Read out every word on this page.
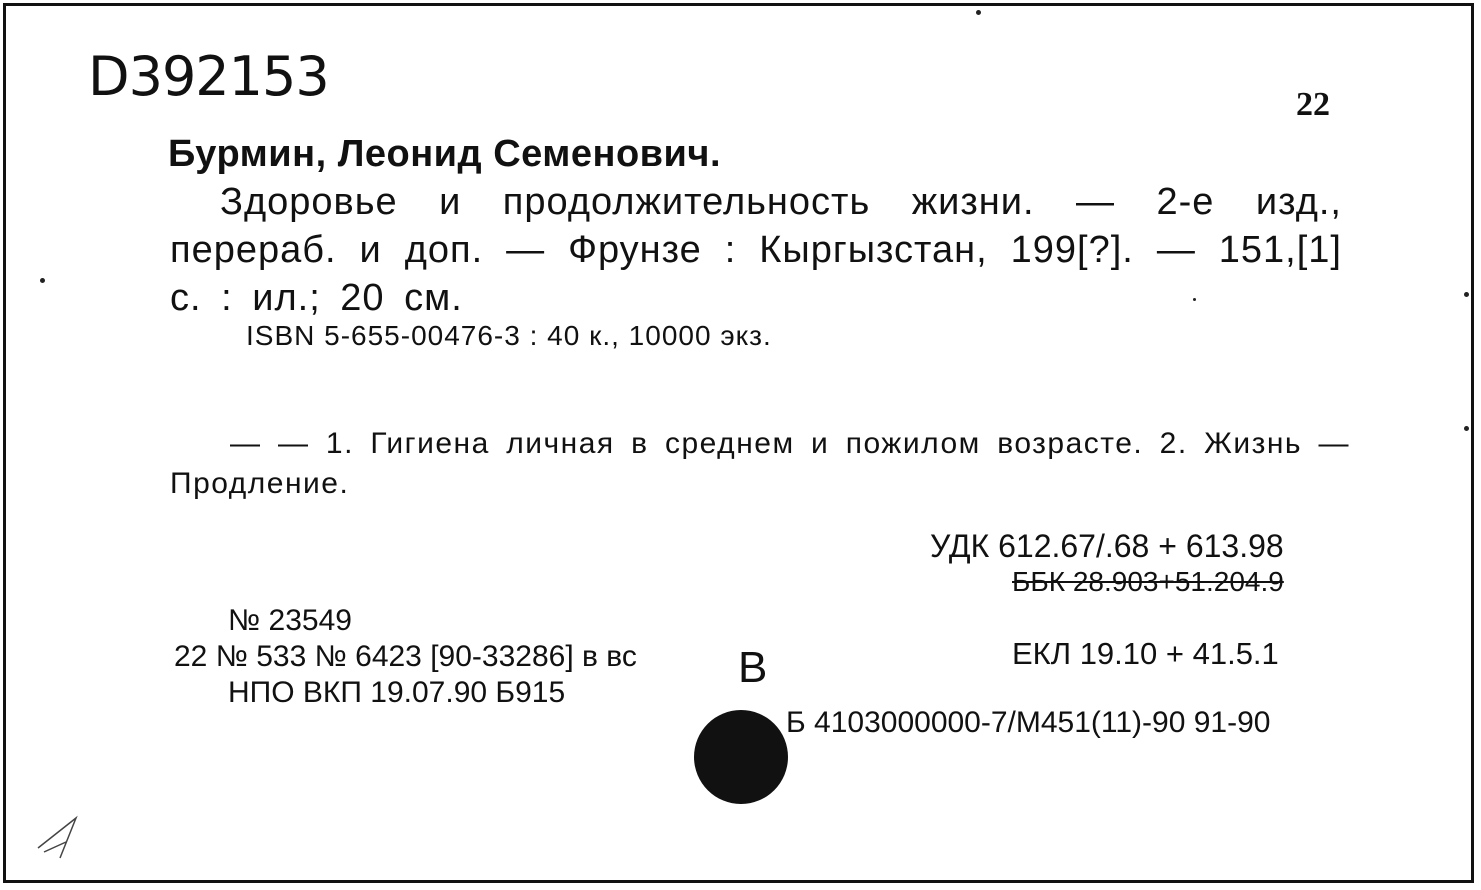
D392153	22
Бурмин, Леонид Семенович.
Здоровье и продолжительность жизни. — 2-е изд., перераб. и доп. — Фрунзе : Кыргызстан, 199[?]. — 151,[1] с. : ил.; 20 см.
ISBN 5-655-00476-3 : 40 к., 10000 экз.
— — 1. Гигиена личная в среднем и пожилом возрасте. 2. Жизнь — Продление.
УДК 612.67/.68 + 613.98
ББК 28.903+51.204.9
№ 23549
22 № 533 № 6423 [90-33286] в вс В	ЕКЛ 19.10 + 41.5.1
НПО ВКП 19.07.90 Б915
Б 4103000000-7/М451(11)-90 91-90
